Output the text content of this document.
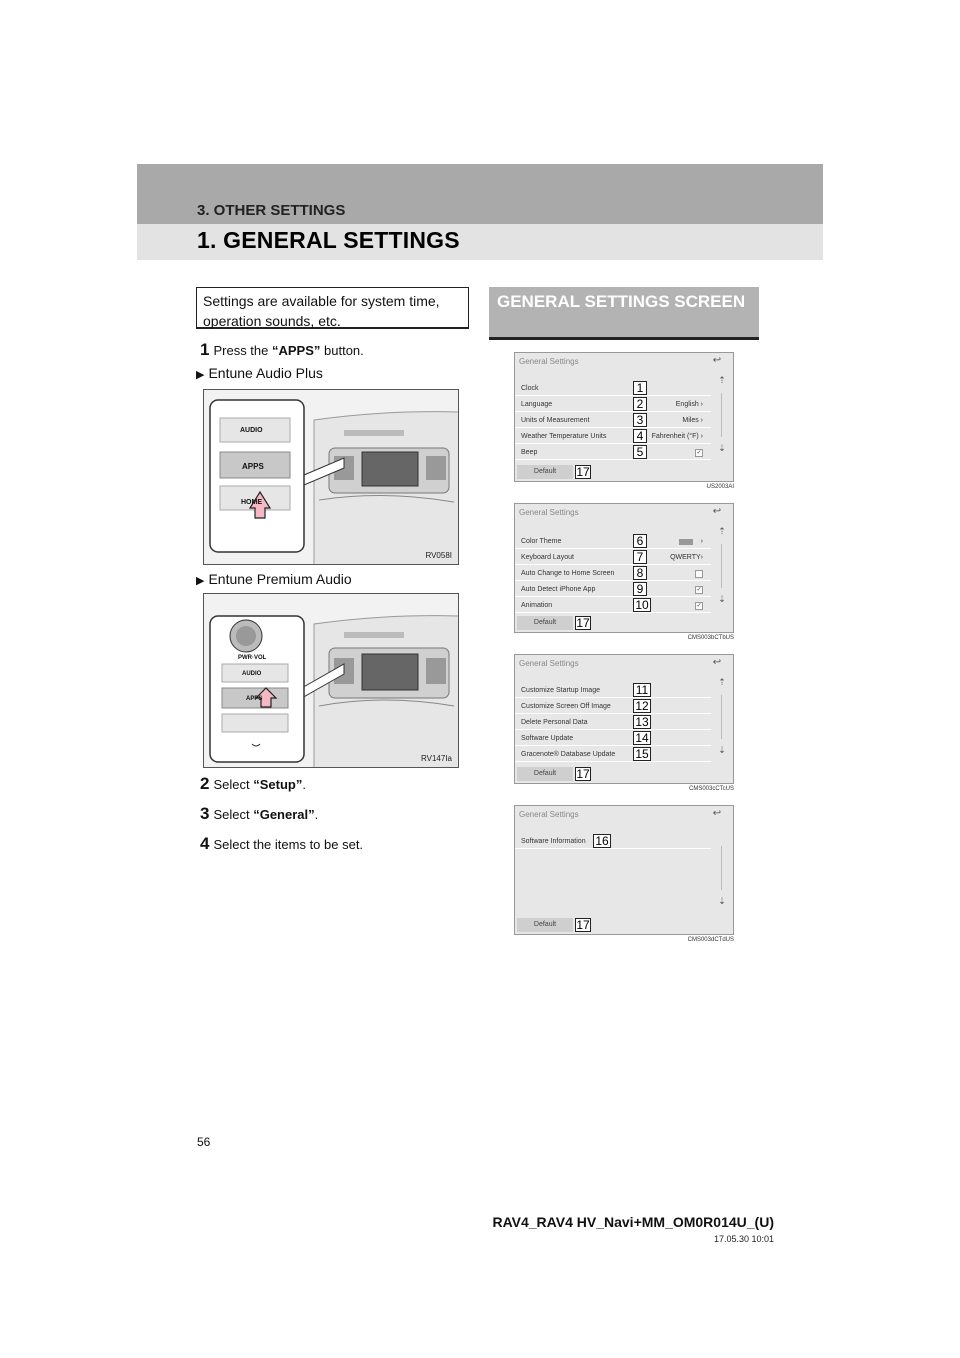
3. OTHER SETTINGS
1. GENERAL SETTINGS
Settings are available for system time, operation sounds, etc.
1 Press the “APPS” button.
▶ Entune Audio Plus
AUDIO
APPS
HOME
RV058I
▶ Entune Premium Audio
PWR·VOL
AUDIO
APPS
RV147Ia
2 Select “Setup”.
3 Select “General”.
4 Select the items to be set.
GENERAL SETTINGS SCREEN
General Settings	↩
Clock	1
Language	2	English ›
Units of Measurement	3	Miles ›
Weather Temperature Units	4	Fahrenheit (°F) ›
Beep	5	✓
⇡
⇣
Default	17
US2003AI
General Settings	↩
Color Theme	6	›
Keyboard Layout	7	QWERTY›
Auto Change to Home Screen	8
Auto Detect iPhone App	9	✓
Animation	10	✓
⇡
⇣
Default	17
CMS003bCTbUS
General Settings	↩
Customize Startup Image	11
Customize Screen Off Image 12
Delete Personal Data	13
Software Update	14
Gracenote® Database Update 15
⇡
⇣
Default	17
CMS003cCTcUS
General Settings	↩
Software Information 16
⇣
Default	17
CMS003dCTdUS
56
RAV4_RAV4 HV_Navi+MM_OM0R014U_(U)
17.05.30 10:01
